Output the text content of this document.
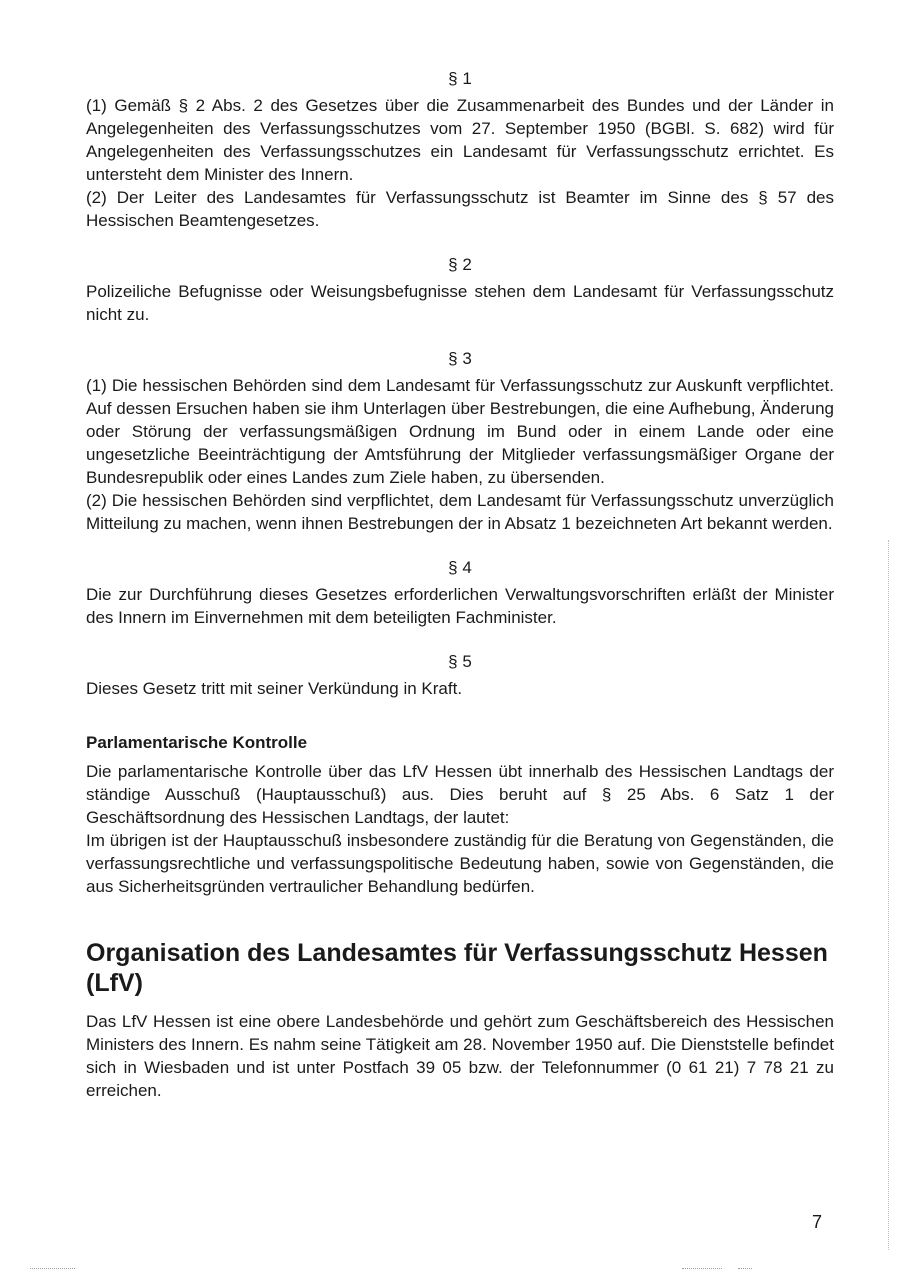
§ 1

(1) Gemäß § 2 Abs. 2 des Gesetzes über die Zusammenarbeit des Bundes und der Länder in Angelegenheiten des Verfassungsschutzes vom 27. September 1950 (BGBl. S. 682) wird für Angelegenheiten des Verfassungsschutzes ein Landesamt für Verfassungsschutz errichtet. Es untersteht dem Minister des Innern.

(2) Der Leiter des Landesamtes für Verfassungsschutz ist Beamter im Sinne des § 57 des Hessischen Beamtengesetzes.

§ 2

Polizeiliche Befugnisse oder Weisungsbefugnisse stehen dem Landesamt für Verfassungsschutz nicht zu.

§ 3

(1) Die hessischen Behörden sind dem Landesamt für Verfassungsschutz zur Auskunft verpflichtet. Auf dessen Ersuchen haben sie ihm Unterlagen über Bestrebungen, die eine Aufhebung, Änderung oder Störung der verfassungsmäßigen Ordnung im Bund oder in einem Lande oder eine ungesetzliche Beeinträchtigung der Amtsführung der Mitglieder verfassungsmäßiger Organe der Bundesrepublik oder eines Landes zum Ziele haben, zu übersenden.

(2) Die hessischen Behörden sind verpflichtet, dem Landesamt für Verfassungsschutz unverzüglich Mitteilung zu machen, wenn ihnen Bestrebungen der in Absatz 1 bezeichneten Art bekannt werden.

§ 4

Die zur Durchführung dieses Gesetzes erforderlichen Verwaltungsvorschriften erläßt der Minister des Innern im Einvernehmen mit dem beteiligten Fachminister.

§ 5

Dieses Gesetz tritt mit seiner Verkündung in Kraft.

Parlamentarische Kontrolle

Die parlamentarische Kontrolle über das LfV Hessen übt innerhalb des Hessischen Landtags der ständige Ausschuß (Hauptausschuß) aus. Dies beruht auf § 25 Abs. 6 Satz 1 der Geschäftsordnung des Hessischen Landtags, der lautet:

Im übrigen ist der Hauptausschuß insbesondere zuständig für die Beratung von Gegenständen, die verfassungsrechtliche und verfassungspolitische Bedeutung haben, sowie von Gegenständen, die aus Sicherheitsgründen vertraulicher Behandlung bedürfen.

Organisation des Landesamtes für Verfassungsschutz Hessen (LfV)

Das LfV Hessen ist eine obere Landesbehörde und gehört zum Geschäftsbereich des Hessischen Ministers des Innern. Es nahm seine Tätigkeit am 28. November 1950 auf. Die Dienststelle befindet sich in Wiesbaden und ist unter Postfach 39 05 bzw. der Telefonnummer (0 61 21) 7 78 21 zu erreichen.

7
